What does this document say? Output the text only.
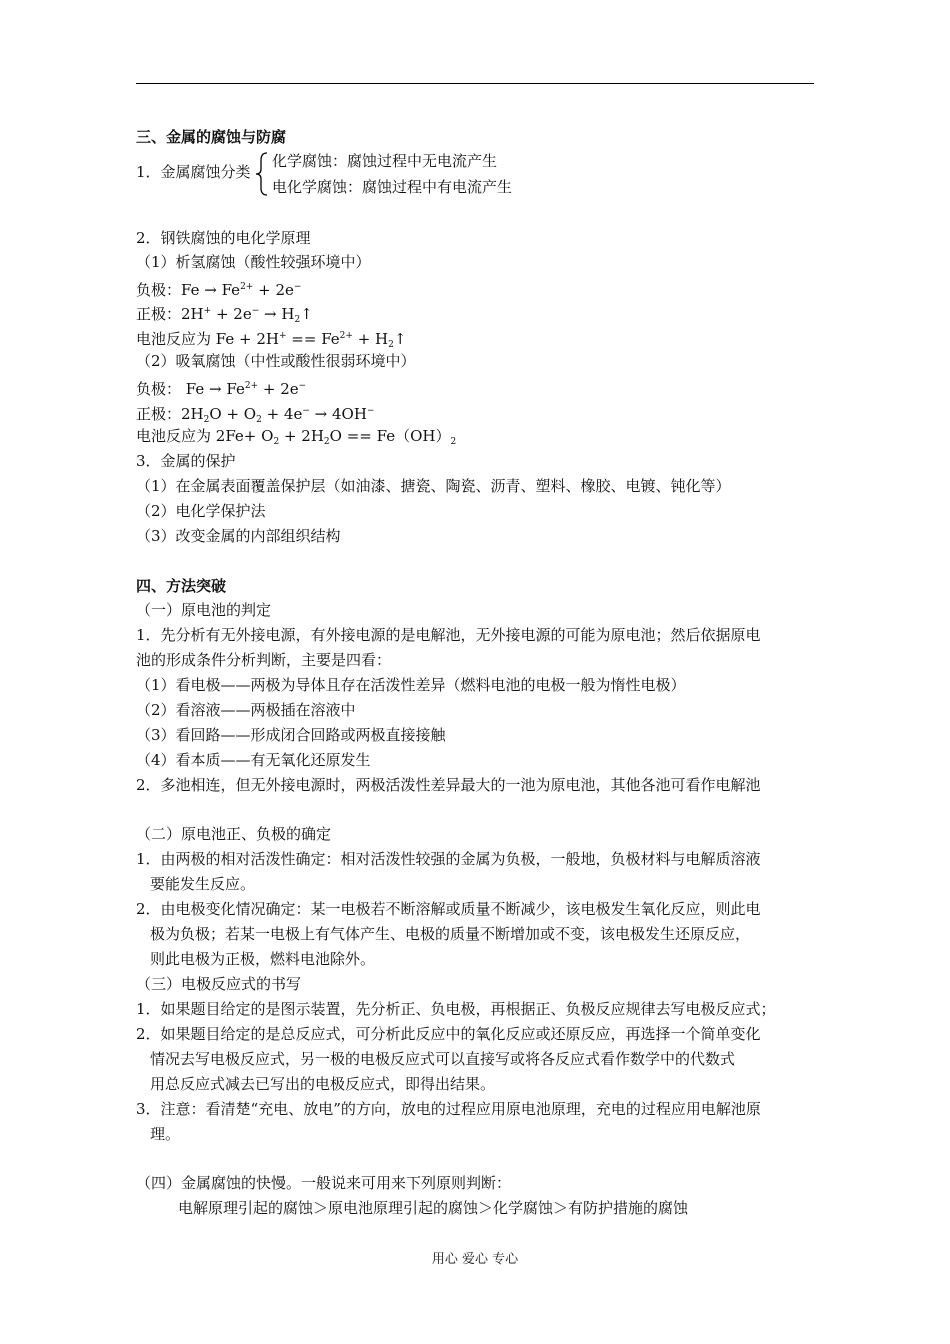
三、金属的腐蚀与防腐
1．金属腐蚀分类
化学腐蚀：腐蚀过程中无电流产生
电化学腐蚀：腐蚀过程中有电流产生
2．钢铁腐蚀的电化学原理
（1）析氢腐蚀（酸性较强环境中）
负极：$Fe \to Fe^{2+} + 2e^-$
正极：$2H^+ + 2e^- \to H_2↑$
电池反应为 $Fe + 2H^+ == Fe^{2+}$ + $H_2↑$
（2）吸氧腐蚀（中性或酸性很弱环境中）
负极： $Fe \to Fe^{2+} + 2e^-$
正极：$2H_2O + O_2 + 4e^- \to 4OH^-$
电池反应为 $2Fe+ O_2 + 2H_2O == Fe(OH)_2$
3．金属的保护
（1）在金属表面覆盖保护层（如油漆、搪瓷、陶瓷、沥青、塑料、橡胶、电镀、钝化等）
（2）电化学保护法
（3）改变金属的内部组织结构
四、方法突破
（一）原电池的判定
1．先分析有无外接电源，有外接电源的是电解池，无外接电源的可能为原电池；然后依据原电
池的形成条件分析判断，主要是四看：
（1）看电极——两极为导体且存在活泼性差异（燃料电池的电极一般为惰性电极）
（2）看溶液——两极插在溶液中
（3）看回路——形成闭合回路或两极直接接触
（4）看本质——有无氧化还原发生
2．多池相连，但无外接电源时，两极活泼性差异最大的一池为原电池，其他各池可看作电解池
（二）原电池正、负极的确定
1．由两极的相对活泼性确定：相对活泼性较强的金属为负极，一般地，负极材料与电解质溶液
要能发生反应。
2．由电极变化情况确定：某一电极若不断溶解或质量不断减少，该电极发生氧化反应，则此电
极为负极；若某一电极上有气体产生、电极的质量不断增加或不变，该电极发生还原反应，
则此电极为正极，燃料电池除外。
（三）电极反应式的书写
1．如果题目给定的是图示装置，先分析正、负电极，再根据正、负极反应规律去写电极反应式；
2．如果题目给定的是总反应式，可分析此反应中的氧化反应或还原反应，再选择一个简单变化
情况去写电极反应式，另一极的电极反应式可以直接写或将各反应式看作数学中的代数式
用总反应式减去已写出的电极反应式，即得出结果。
3．注意：看清楚“充电、放电”的方向，放电的过程应用原电池原理，充电的过程应用电解池原
理。
（四）金属腐蚀的快慢。一般说来可用来下列原则判断：
电解原理引起的腐蚀＞原电池原理引起的腐蚀＞化学腐蚀＞有防护措施的腐蚀
用心 爱心 专心
